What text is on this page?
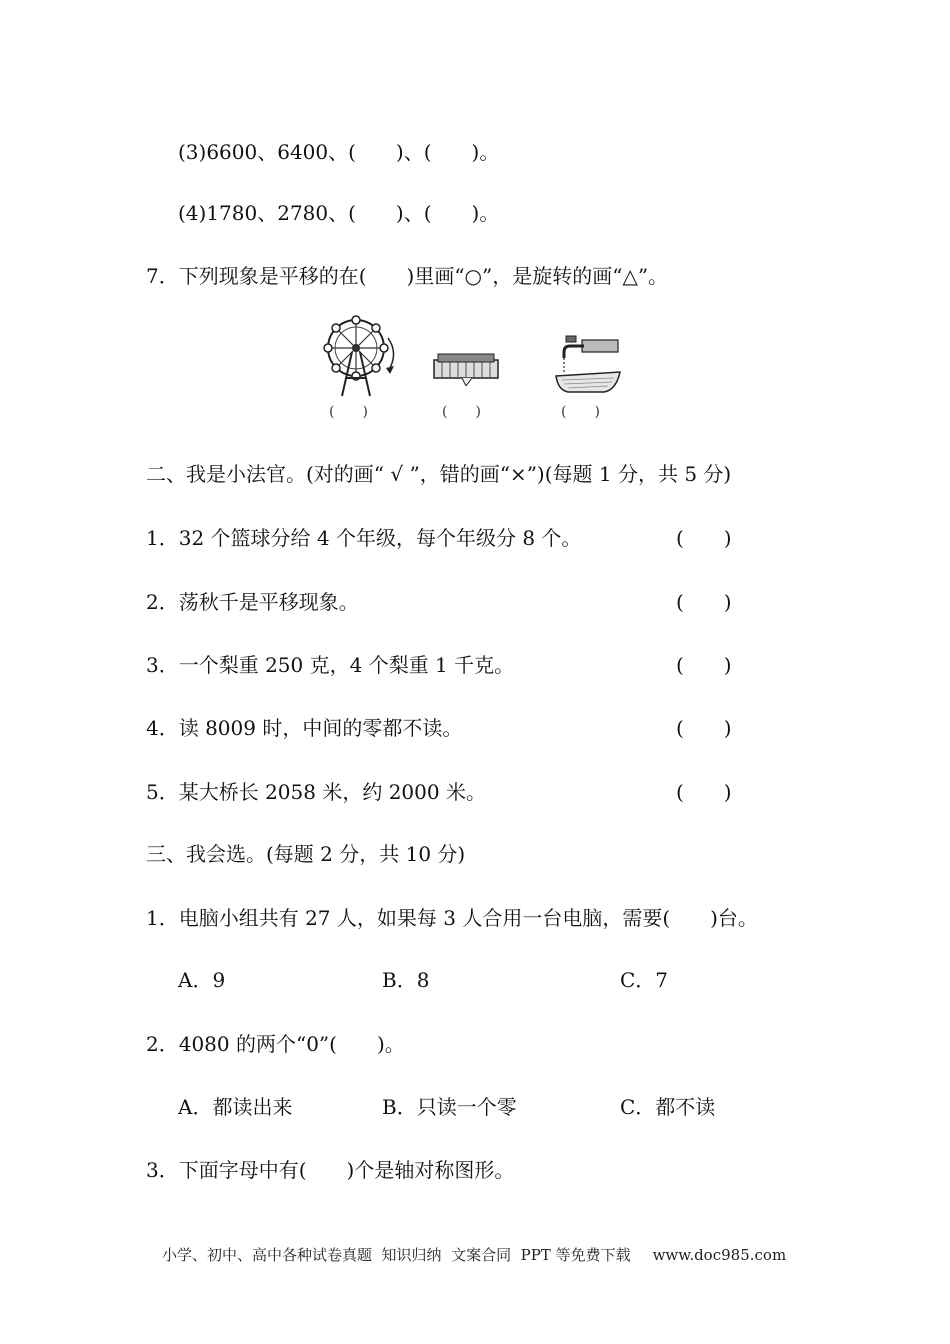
(3)6600、6400、(　　)、(　　)。
(4)1780、2780、(　　)、(　　)。
7．下列现象是平移的在(　　)里画“○”，是旋转的画“△”。
(　　)	(　　)	(　　)
二、我是小法官。(对的画“ √ ”，错的画“×”)(每题 1 分，共 5 分)
1．32 个篮球分给 4 个年级，每个年级分 8 个。	(　　)
2．荡秋千是平移现象。	(　　)
3．一个梨重 250 克，4 个梨重 1 千克。	(　　)
4．读 8009 时，中间的零都不读。	(　　)
5．某大桥长 2058 米，约 2000 米。	(　　)
三、我会选。(每题 2 分，共 10 分)
1．电脑小组共有 27 人，如果每 3 人合用一台电脑，需要(　　)台。
A．9	B．8	C．7
2．4080 的两个“0”(　　)。
A．都读出来	B．只读一个零	C．都不读
3．下面字母中有(　　)个是轴对称图形。
小学、初中、高中各种试卷真题  知识归纳  文案合同  PPT 等免费下载 www.doc985.com
